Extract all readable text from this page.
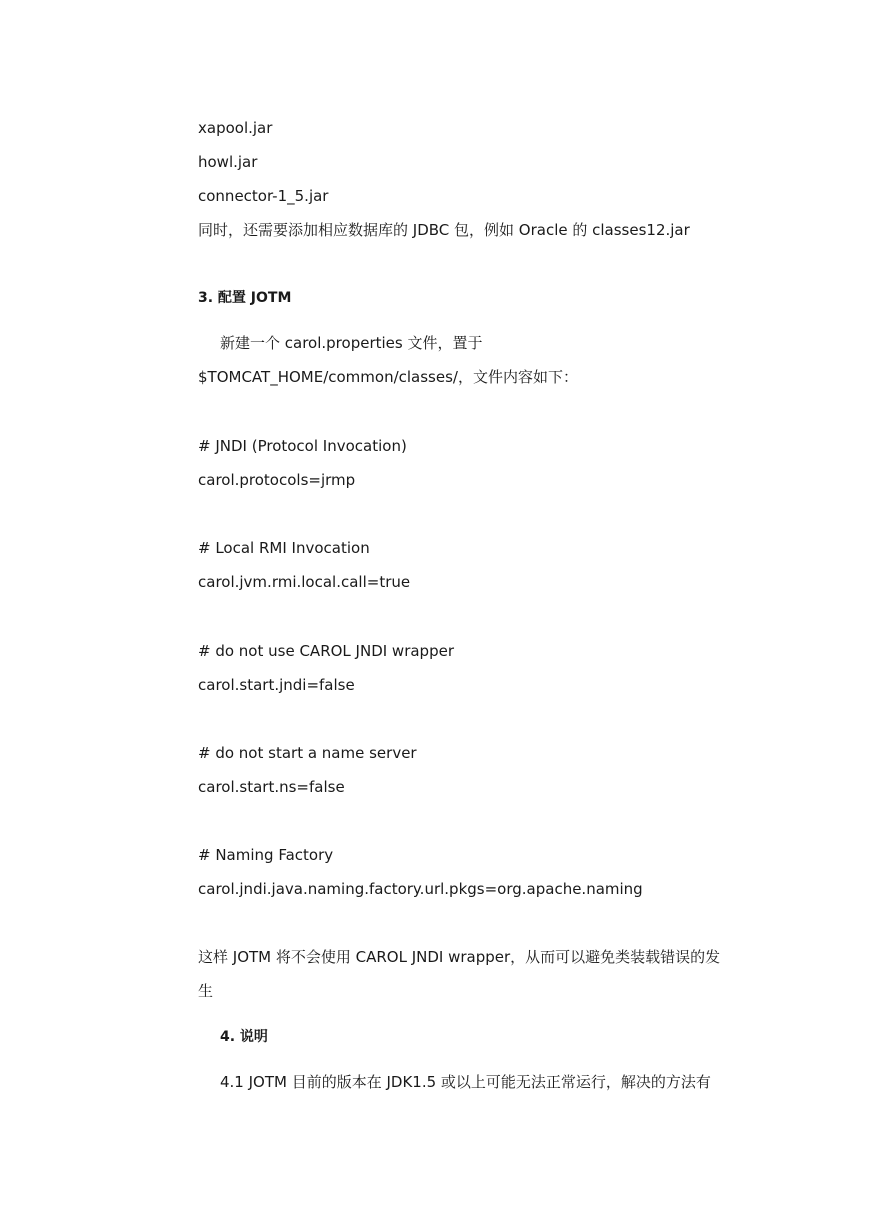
xapool.jar
howl.jar
connector-1_5.jar
同时，还需要添加相应数据库的 JDBC 包，例如 Oracle 的 classes12.jar
3. 配置 JOTM
新建一个 carol.properties 文件，置于
$TOMCAT_HOME/common/classes/，文件内容如下：
# JNDI (Protocol Invocation)
carol.protocols=jrmp
# Local RMI Invocation
carol.jvm.rmi.local.call=true
# do not use CAROL JNDI wrapper
carol.start.jndi=false
# do not start a name server
carol.start.ns=false
# Naming Factory
carol.jndi.java.naming.factory.url.pkgs=org.apache.naming
这样 JOTM 将不会使用 CAROL JNDI wrapper，从而可以避免类装载错误的发
生
4. 说明
4.1 JOTM 目前的版本在 JDK1.5 或以上可能无法正常运行，解决的方法有
